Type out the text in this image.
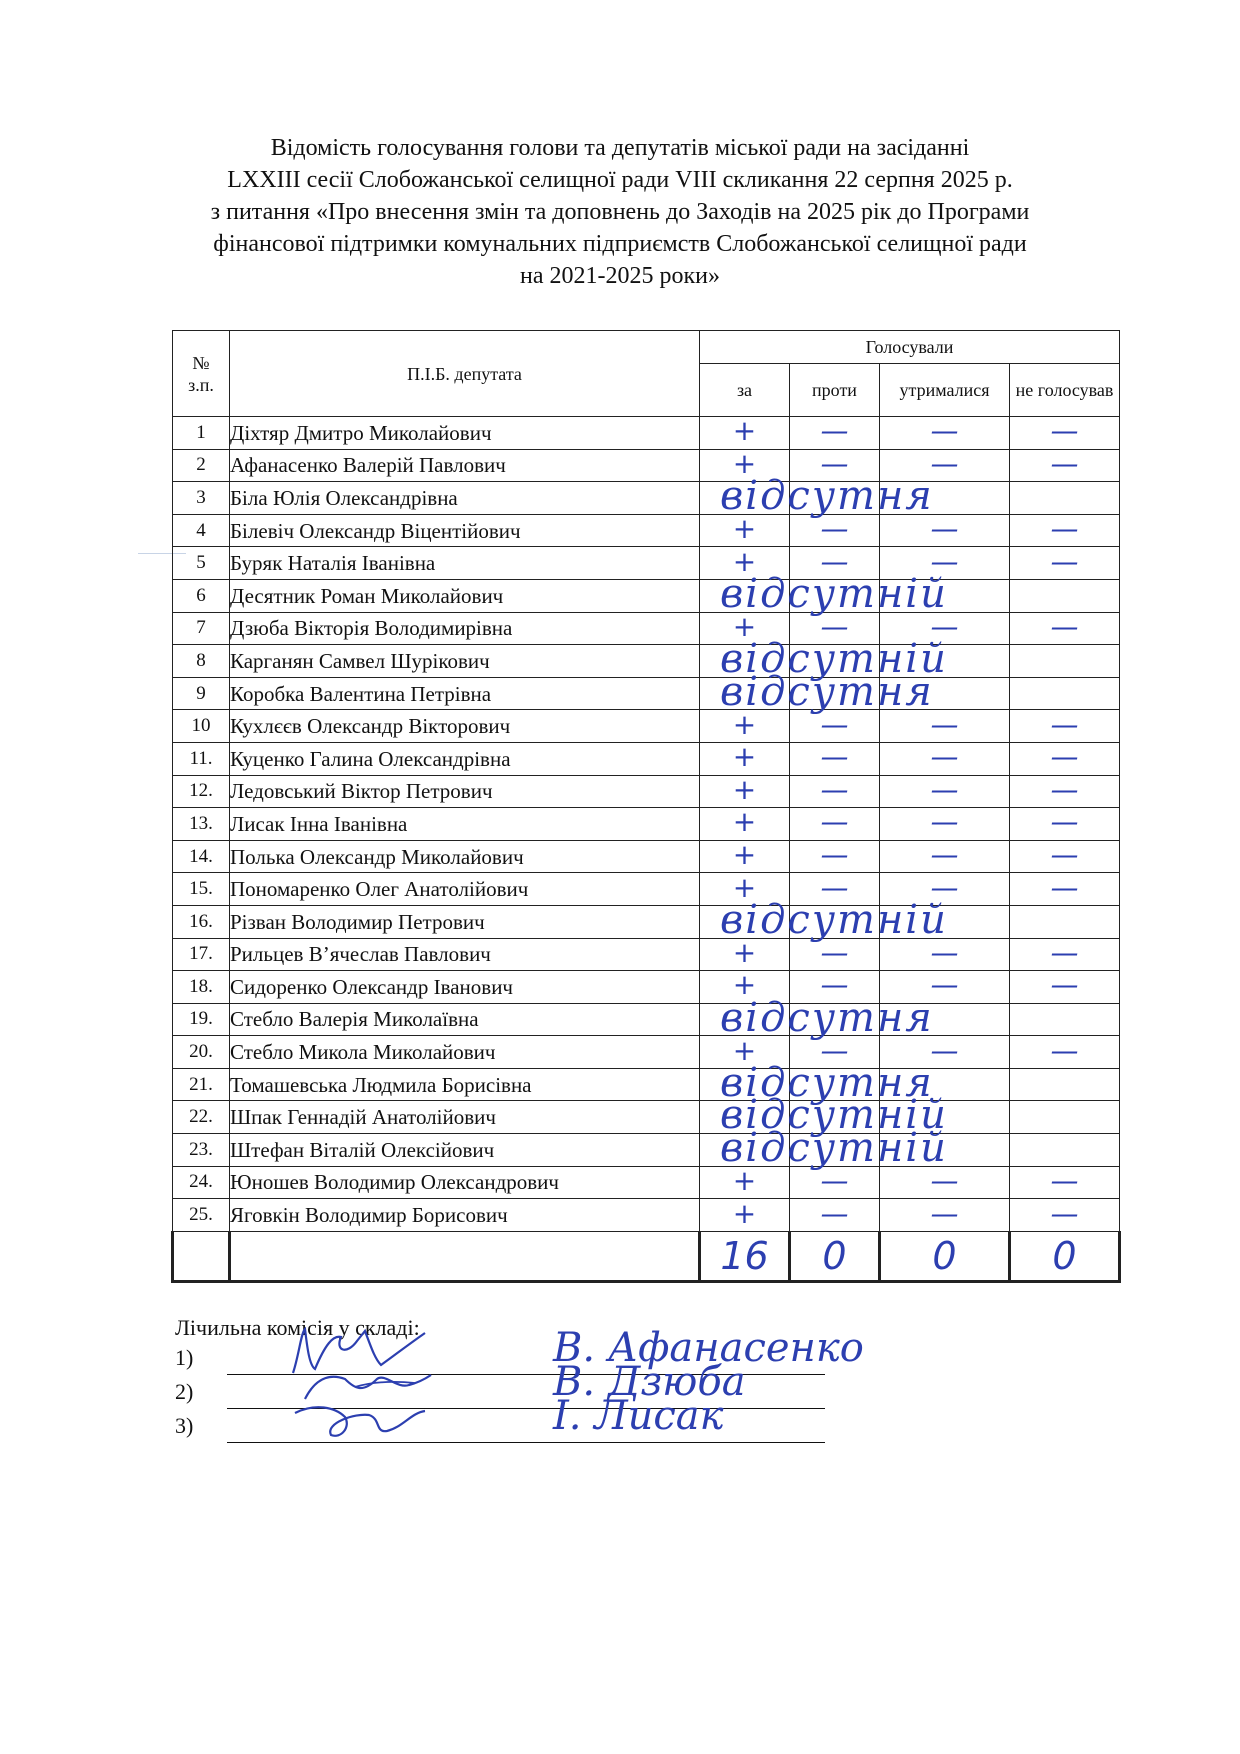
Відомість голосування голови та депутатів міської ради на засіданні
LXXIII сесії Слобожанської селищної ради VIII скликання 22 серпня 2025 р.
з питання «Про внесення змін та доповнень до Заходів на 2025 рік до Програми
фінансової підтримки комунальних підприємств Слобожанської селищної ради
на 2021-2025 роки»
№
з.п.	П.І.Б. депутата	Голосували			
		за	проти	утрималися	не голосував
1	Діхтяр Дмитро Миколайович	+	—	—	—
2	Афанасенко Валерій Павлович	+	—	—	—
3	Біла Юлія Олександрівна	відсутня			

4	Білевіч Олександр Віцентійович	+	—	—	—
5	Буряк Наталія Іванівна	+	—	—	—
6	Десятник Роман Миколайович	відсутній			

7	Дзюба Вікторія Володимирівна	+	—	—	—
8	Карганян Самвел Шурікович	відсутній			

9	Коробка Валентина Петрівна	відсутня			

10	Кухлєєв Олександр Вікторович	+	—	—	—
11.	Куценко Галина Олександрівна	+	—	—	—
12.	Ледовський Віктор Петрович	+	—	—	—
13.	Лисак Інна Іванівна	+	—	—	—
14.	Полька Олександр Миколайович	+	—	—	—
15.	Пономаренко Олег Анатолійович	+	—	—	—
16.	Різван Володимир Петрович	відсутній			

17.	Рильцев В’ячеслав Павлович	+	—	—	—
18.	Сидоренко Олександр Іванович	+	—	—	—
19.	Стебло Валерія Миколаївна	відсутня			

20.	Стебло Микола Миколайович	+	—	—	—
21.	Томашевська Людмила Борисівна	відсутня			

22.	Шпак Геннадій Анатолійович	відсутній			

23.	Штефан Віталій Олексійович	відсутній			

24.	Юношев Володимир Олександрович	+	—	—	—
25.	Яговкін Володимир Борисович	+	—	—	—
		16	0	0	0
Лічильна комісія у складі:
1)	В. Афанасенко
2)	В. Дзюба
3)	І. Лисак
